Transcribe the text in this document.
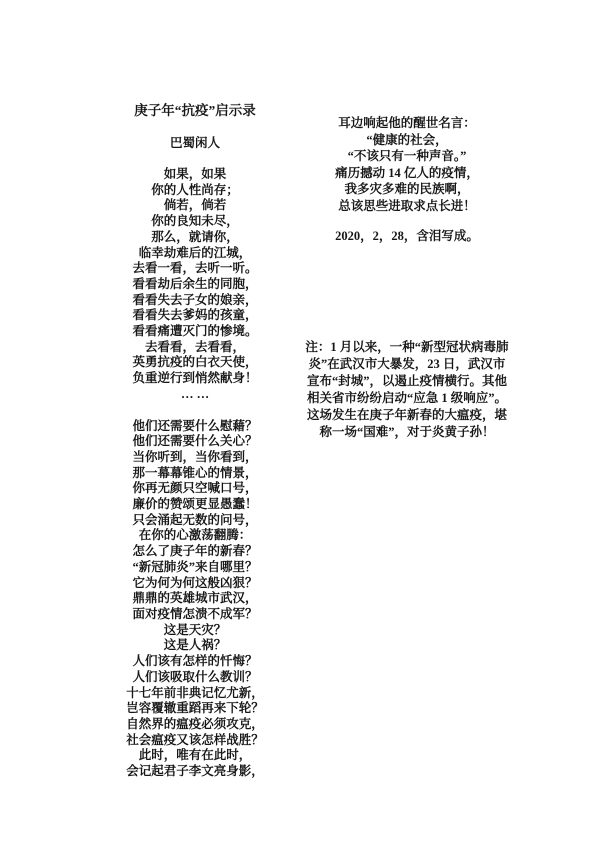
庚子年“抗疫”启示录
巴蜀闲人
如果，如果
你的人性尚存；
倘若，倘若
你的良知未尽，
那么，就请你，
临幸劫难后的江城，
去看一看，去听一听。
看看劫后余生的同胞，
看看失去子女的娘亲，
看看失去爹妈的孩童，
看看痛遭灭门的惨境。
去看看，去看看，
英勇抗疫的白衣天使，
负重逆行到悄然献身！
… …
他们还需要什么慰藉？
他们还需要什么关心？
当你听到，当你看到，
那一幕幕锥心的情景，
你再无颜只空喊口号，
廉价的赞颂更显愚蠢！
只会涌起无数的问号，
在你的心激荡翻腾：
怎么了庚子年的新春？
“新冠肺炎”来自哪里？
它为何为何这般凶狠？
鼎鼎的英雄城市武汉，
面对疫情怎溃不成军？
这是天灾？
这是人祸？
人们该有怎样的忏悔？
人们该吸取什么教训？
十七年前非典记忆尤新，
岂容覆辙重蹈再来下轮？
自然界的瘟疫必须攻克，
社会瘟疫又该怎样战胜？
此时，唯有在此时，
会记起君子李文亮身影，
耳边响起他的醒世名言：
“健康的社会，
“不该只有一种声音。”
痛历撼动 14 亿人的疫情，
我多灾多难的民族啊，
总该思些进取求点长进！
2020，2，28，含泪写成。
注：1 月以来，一种“新型冠状病毒肺
炎”在武汉市大暴发，23 日，武汉市
宣布“封城”，以遏止疫情横行。其他
相关省市纷纷启动“应急 1 级响应”。
这场发生在庚子年新春的大瘟疫，堪
称一场“国难”，对于炎黄子孙！
